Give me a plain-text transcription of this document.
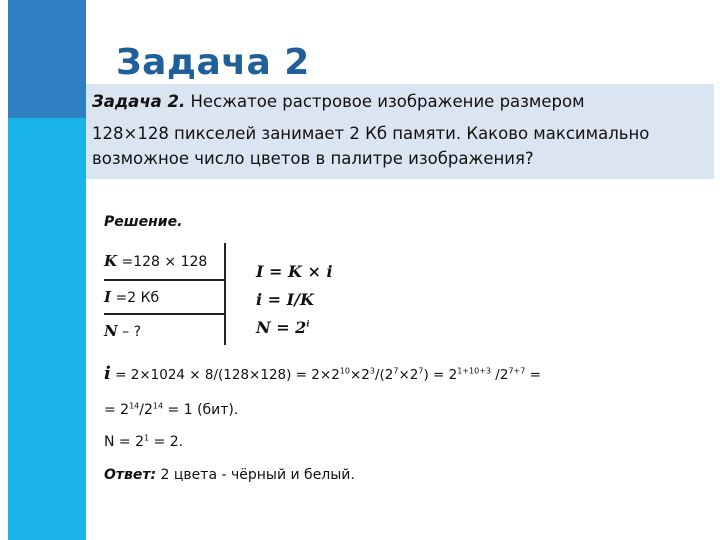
Задача 2
Задача 2. Несжатое растровое изображение размером
128×128 пикселей занимает 2 Кб памяти. Каково максимально
возможное число цветов в палитре изображения?
Решение.
K =128 × 128
I =2 Кб
N – ?
I = K × i
i = I/K
$N = 2^i$
$i = 2\times 1024 \times 8/(128\times 128) = 2\times 2^{10}\times 2^3/(2^7\times 2^7) = 2^{1+10+3}$ $/2^{7+7}$ =
= $2^{14}/2^{14} = 1$ (бит).
$N = 2^1 = 2$.
Ответ: 2 цвета - чёрный и белый.
